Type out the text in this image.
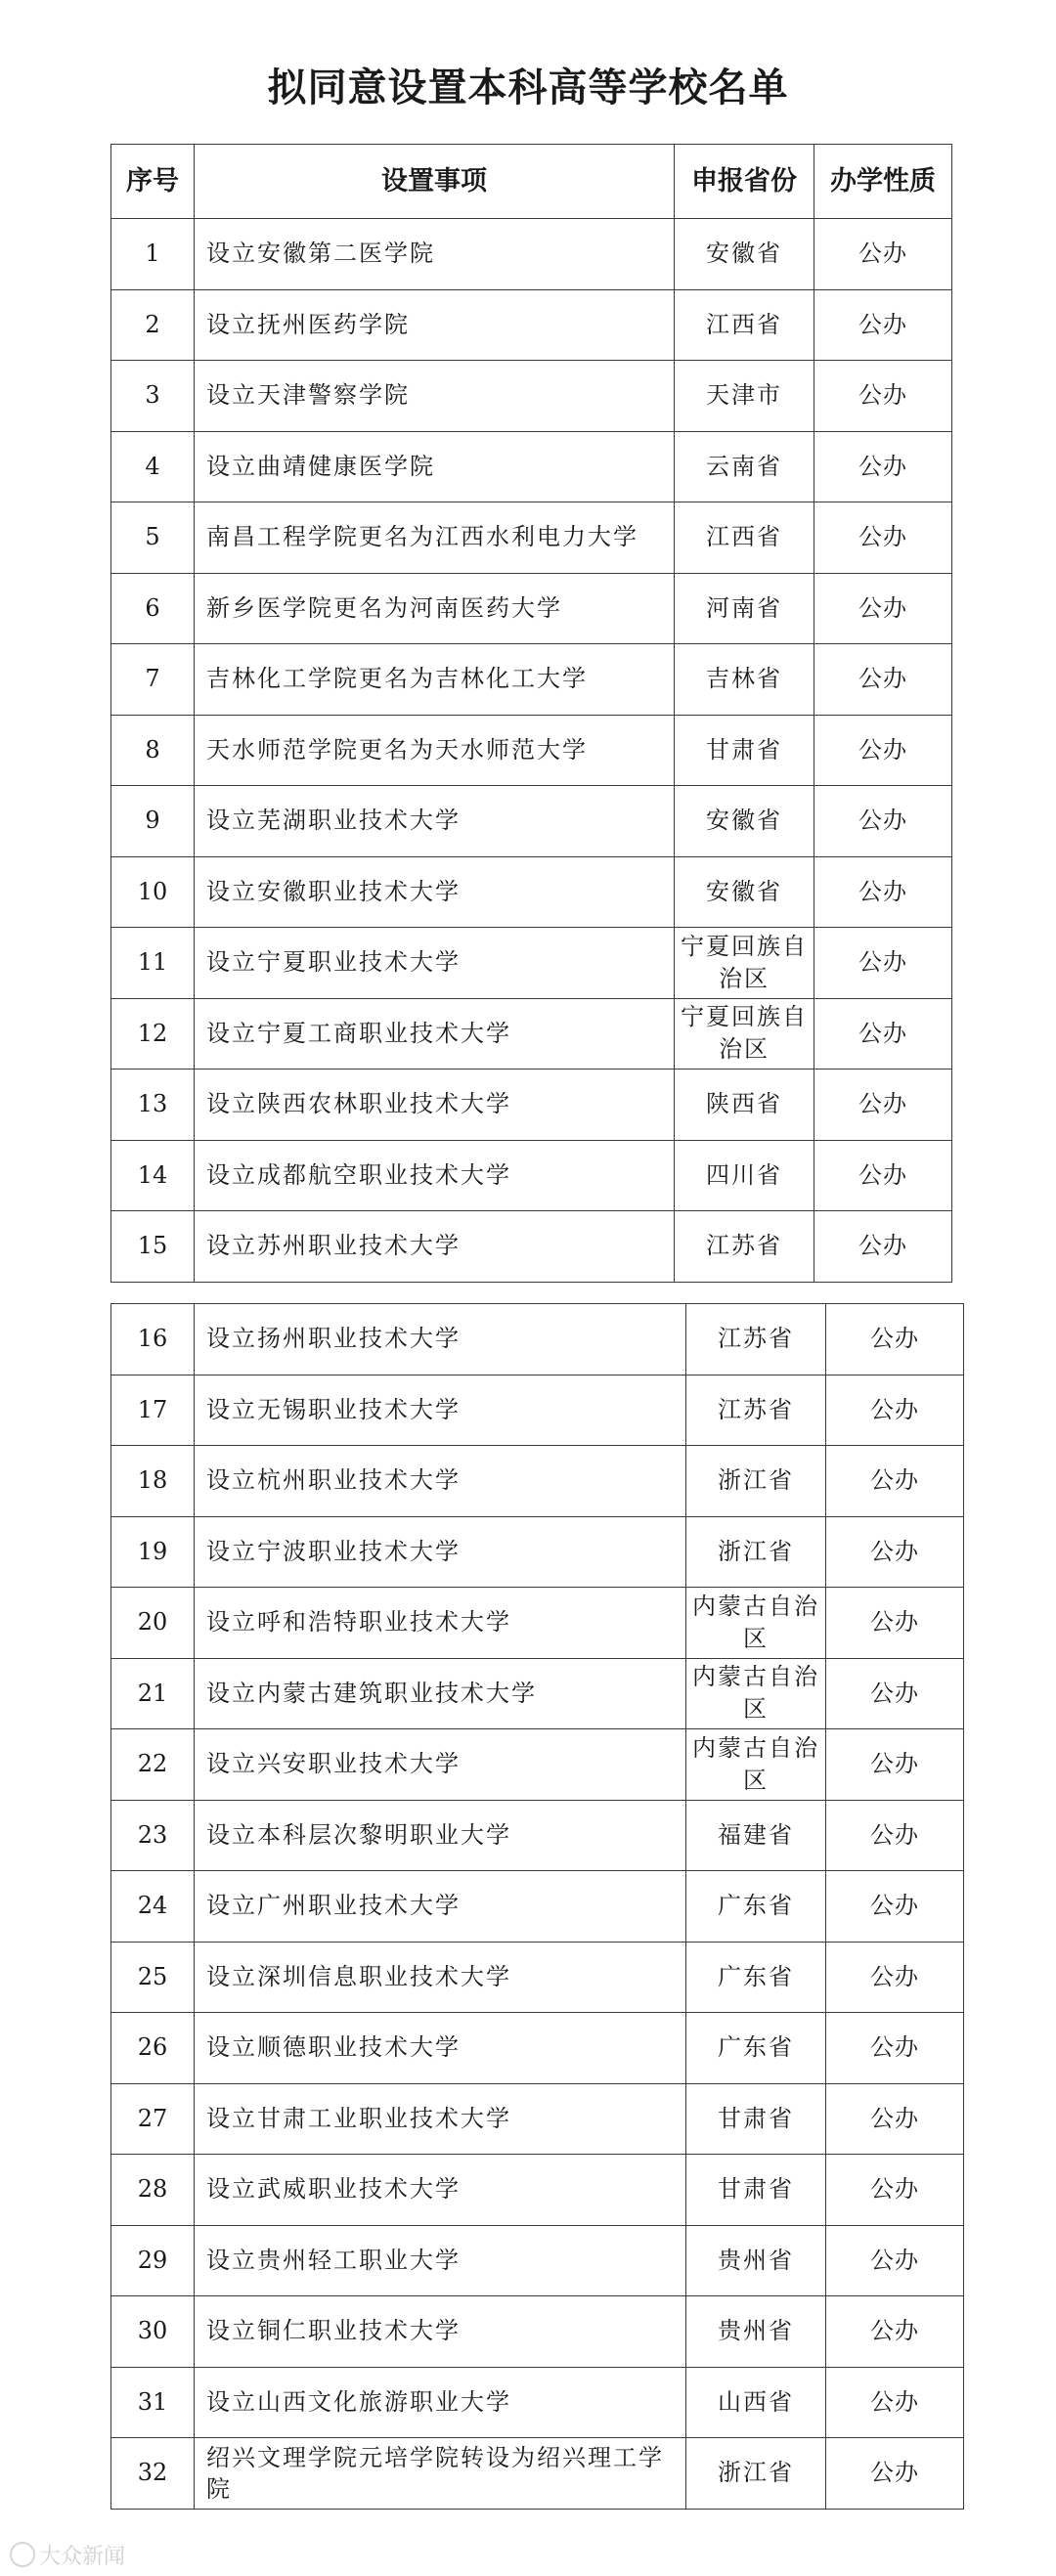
拟同意设置本科高等学校名单
序号	设置事项	申报省份	办学性质
1	设立安徽第二医学院	安徽省	公办
2	设立抚州医药学院	江西省	公办
3	设立天津警察学院	天津市	公办
4	设立曲靖健康医学院	云南省	公办
5	南昌工程学院更名为江西水利电力大学	江西省	公办
6	新乡医学院更名为河南医药大学	河南省	公办
7	吉林化工学院更名为吉林化工大学	吉林省	公办
8	天水师范学院更名为天水师范大学	甘肃省	公办
9	设立芜湖职业技术大学	安徽省	公办
10	设立安徽职业技术大学	安徽省	公办
11	设立宁夏职业技术大学	宁夏回族自治区	公办
12	设立宁夏工商职业技术大学	宁夏回族自治区	公办
13	设立陕西农林职业技术大学	陕西省	公办
14	设立成都航空职业技术大学	四川省	公办
15	设立苏州职业技术大学	江苏省	公办
16	设立扬州职业技术大学	江苏省	公办
17	设立无锡职业技术大学	江苏省	公办
18	设立杭州职业技术大学	浙江省	公办
19	设立宁波职业技术大学	浙江省	公办
20	设立呼和浩特职业技术大学	内蒙古自治区	公办
21	设立内蒙古建筑职业技术大学	内蒙古自治区	公办
22	设立兴安职业技术大学	内蒙古自治区	公办
23	设立本科层次黎明职业大学	福建省	公办
24	设立广州职业技术大学	广东省	公办
25	设立深圳信息职业技术大学	广东省	公办
26	设立顺德职业技术大学	广东省	公办
27	设立甘肃工业职业技术大学	甘肃省	公办
28	设立武威职业技术大学	甘肃省	公办
29	设立贵州轻工职业大学	贵州省	公办
30	设立铜仁职业技术大学	贵州省	公办
31	设立山西文化旅游职业大学	山西省	公办
32	绍兴文理学院元培学院转设为绍兴理工学院	浙江省	公办
大众新闻
